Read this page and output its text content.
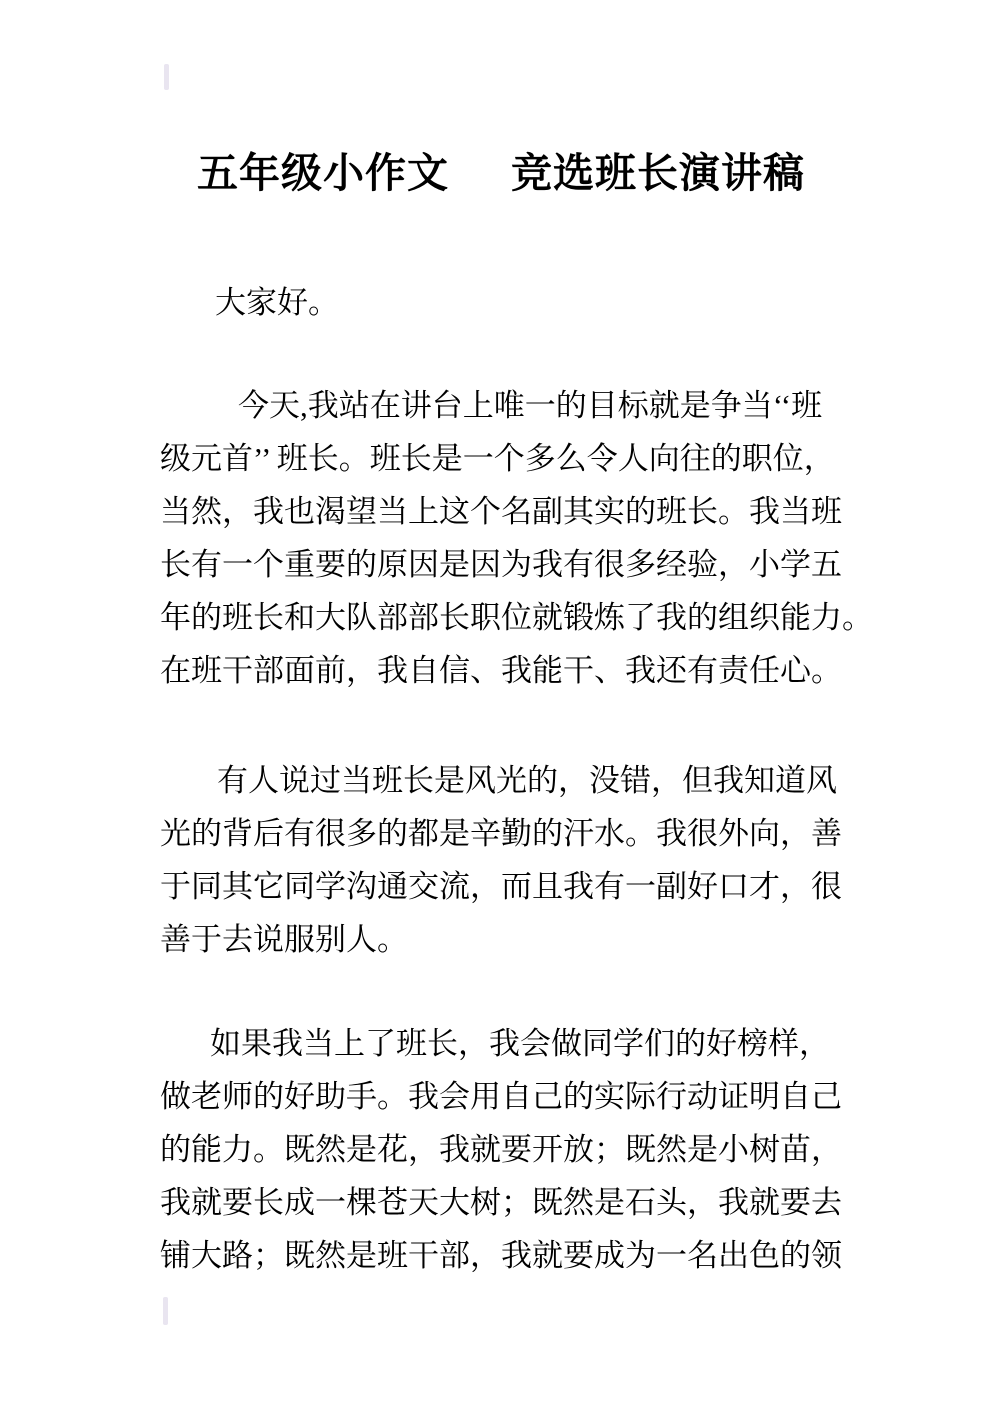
五年级小作文 竞选班长演讲稿
大家好。
今天,我站在讲台上唯一的目标就是争当‘‘班
级元首’’ 班长。班长是一个多么令人向往的职位，
当然，我也渴望当上这个名副其实的班长。我当班
长有一个重要的原因是因为我有很多经验，小学五
年的班长和大队部部长职位就锻炼了我的组织能力。
在班干部面前，我自信、我能干、我还有责任心。
有人说过当班长是风光的，没错，但我知道风
光的背后有很多的都是辛勤的汗水。我很外向，善
于同其它同学沟通交流，而且我有一副好口才，很
善于去说服别人。
如果我当上了班长，我会做同学们的好榜样，
做老师的好助手。我会用自己的实际行动证明自己
的能力。既然是花，我就要开放；既然是小树苗，
我就要长成一棵苍天大树；既然是石头，我就要去
铺大路；既然是班干部，我就要成为一名出色的领
